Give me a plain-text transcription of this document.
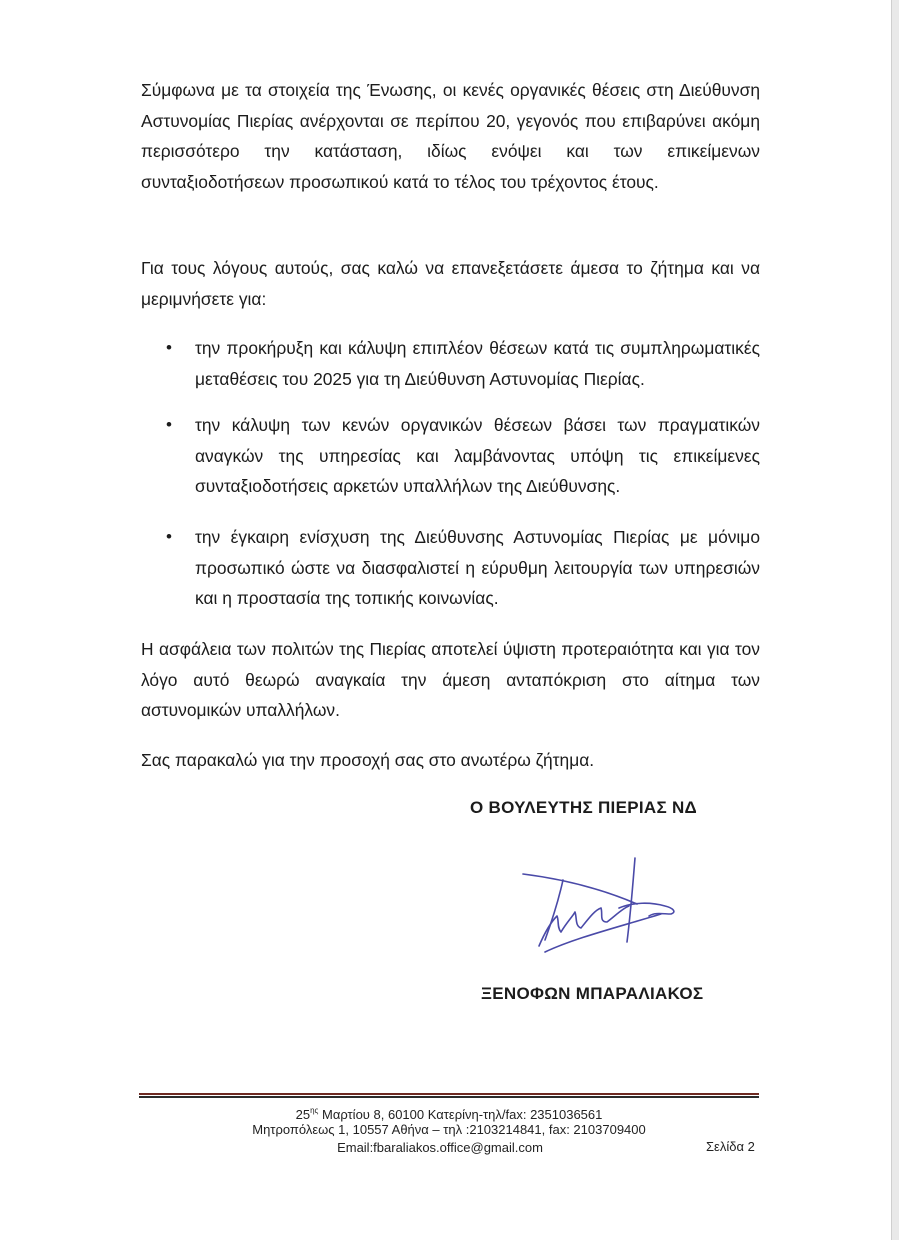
Σύμφωνα με τα στοιχεία της Ένωσης, οι κενές οργανικές θέσεις στη Διεύθυνση Αστυνομίας Πιερίας ανέρχονται σε περίπου 20, γεγονός που επιβαρύνει ακόμη περισσότερο την κατάσταση, ιδίως ενόψει και των επικείμενων συνταξιοδοτήσεων προσωπικού κατά το τέλος του τρέχοντος έτους.

Για τους λόγους αυτούς, σας καλώ να επανεξετάσετε άμεσα το ζήτημα και να μεριμνήσετε για:

• την προκήρυξη και κάλυψη επιπλέον θέσεων κατά τις συμπληρωματικές μεταθέσεις του 2025 για τη Διεύθυνση Αστυνομίας Πιερίας.

• την κάλυψη των κενών οργανικών θέσεων βάσει των πραγματικών αναγκών της υπηρεσίας και λαμβάνοντας υπόψη τις επικείμενες συνταξιοδοτήσεις αρκετών υπαλλήλων της Διεύθυνσης.

• την έγκαιρη ενίσχυση της Διεύθυνσης Αστυνομίας Πιερίας με μόνιμο προσωπικό ώστε να διασφαλιστεί η εύρυθμη λειτουργία των υπηρεσιών και η προστασία της τοπικής κοινωνίας.

Η ασφάλεια των πολιτών της Πιερίας αποτελεί ύψιστη προτεραιότητα και για τον λόγο αυτό θεωρώ αναγκαία την άμεση ανταπόκριση στο αίτημα των αστυνομικών υπαλλήλων.

Σας παρακαλώ για την προσοχή σας στο ανωτέρω ζήτημα.

Ο ΒΟΥΛΕΥΤΗΣ ΠΙΕΡΙΑΣ ΝΔ
ΞΕΝΟΦΩΝ ΜΠΑΡΑΛΙΑΚΟΣ
$25^{\eta\varsigma}$ Μαρτίου 8, 60100 Κατερίνη-τηλ/fax: 2351036561
Μητροπόλεως 1, 10557 Αθήνα – τηλ :2103214841, fax: 2103709400
Email:fbaraliakos.office@gmail.com	Σελίδα 2
